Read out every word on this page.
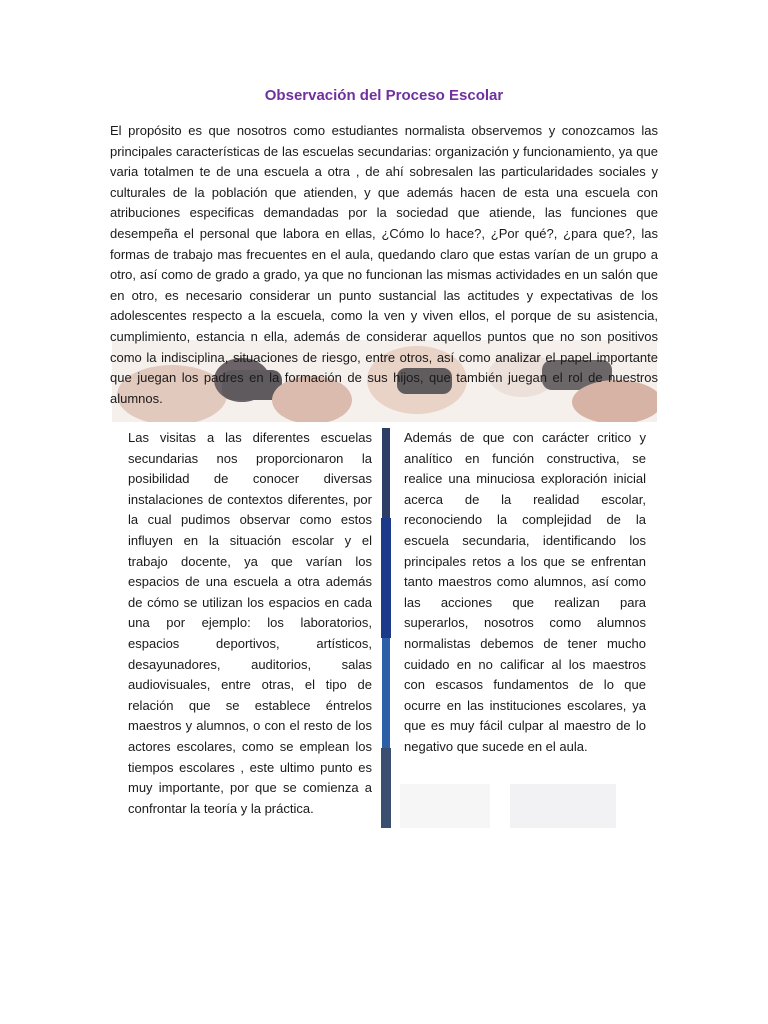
Observación del Proceso Escolar

El propósito es que nosotros como estudiantes normalista observemos y conozcamos las principales características de las escuelas secundarias: organización y funcionamiento, ya que varia totalmen te de una escuela a otra , de ahí sobresalen las particularidades sociales y culturales de la población que atienden, y que además hacen de esta una escuela con atribuciones especificas demandadas por la sociedad que atiende, las funciones que desempeña el personal que labora en ellas, ¿Cómo lo hace?, ¿Por qué?, ¿para que?, las formas de trabajo mas frecuentes en el aula, quedando claro que estas varían de un grupo a otro, así como de grado a grado, ya que no funcionan las mismas actividades en un salón que en otro, es necesario considerar un punto sustancial las actitudes y expectativas de los adolescentes respecto a la escuela, como la ven y viven ellos, el porque de su asistencia, cumplimiento, estancia n ella, además de considerar aquellos puntos que no son positivos como la indisciplina, situaciones de riesgo, entre otros, así como analizar el papel importante que juegan los padres en la formación de sus hijos, que también juegan el rol de nuestros alumnos.

Las visitas a las diferentes escuelas secundarias nos proporcionaron la posibilidad de conocer diversas instalaciones de contextos diferentes, por la cual pudimos observar como estos influyen en la situación escolar y el trabajo docente, ya que varían los espacios de una escuela a otra además de cómo se utilizan los espacios en cada una por ejemplo: los laboratorios, espacios deportivos, artísticos, desayunadores, auditorios, salas audiovisuales, entre otras, el tipo de relación que se establece éntrelos maestros y alumnos, o con el resto de los actores escolares, como se emplean los tiempos escolares , este ultimo punto es muy importante, por que se comienza a confrontar la teoría y la práctica.

Además de que con carácter critico y analítico en función constructiva, se realice una minuciosa exploración inicial acerca de la realidad escolar, reconociendo la complejidad de la escuela secundaria, identificando los principales retos a los que se enfrentan tanto maestros como alumnos, así como las acciones que realizan para superarlos, nosotros como alumnos normalistas debemos de tener mucho cuidado en no calificar al los maestros con escasos fundamentos de lo que ocurre en las instituciones escolares, ya que es muy fácil culpar al maestro de lo negativo que sucede en el aula.
